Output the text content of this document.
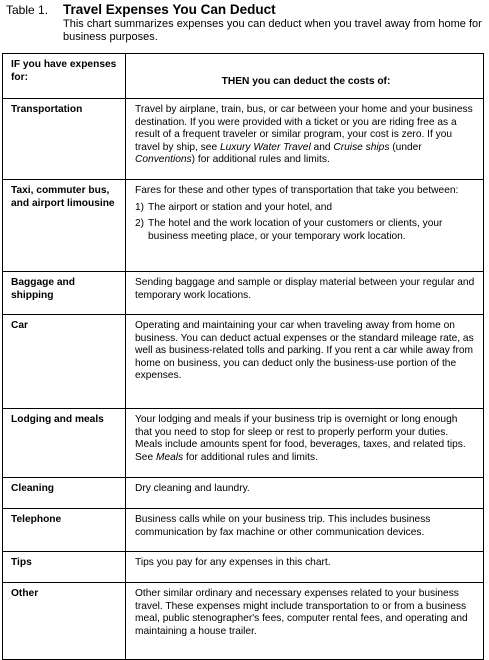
Table 1.	Travel Expenses You Can Deduct
This chart summarizes expenses you can deduct when you travel away from home for business purposes.
IF you have expenses for:	THEN you can deduct the costs of:
Transportation	Travel by airplane, train, bus, or car between your home and your business destination. If you were provided with a ticket or you are riding free as a result of a frequent traveler or similar program, your cost is zero. If you travel by ship, see Luxury Water Travel and Cruise ships (under Conventions) for additional rules and limits.
Taxi, commuter bus, and airport limousine	Fares for these and other types of transportation that take you between:
1) The airport or station and your hotel, and
2) The hotel and the work location of your customers or clients, your business meeting place, or your temporary work location.

Baggage and shipping	Sending baggage and sample or display material between your regular and temporary work locations.
Car	Operating and maintaining your car when traveling away from home on business. You can deduct actual expenses or the standard mileage rate, as well as business-related tolls and parking. If you rent a car while away from home on business, you can deduct only the business-use portion of the expenses.
Lodging and meals	Your lodging and meals if your business trip is overnight or long enough that you need to stop for sleep or rest to properly perform your duties. Meals include amounts spent for food, beverages, taxes, and related tips. See Meals for additional rules and limits.
Cleaning	Dry cleaning and laundry.
Telephone	Business calls while on your business trip. This includes business communication by fax machine or other communication devices.
Tips	Tips you pay for any expenses in this chart.
Other	Other similar ordinary and necessary expenses related to your business travel. These expenses might include transportation to or from a business meal, public stenographer's fees, computer rental fees, and operating and maintaining a house trailer.
